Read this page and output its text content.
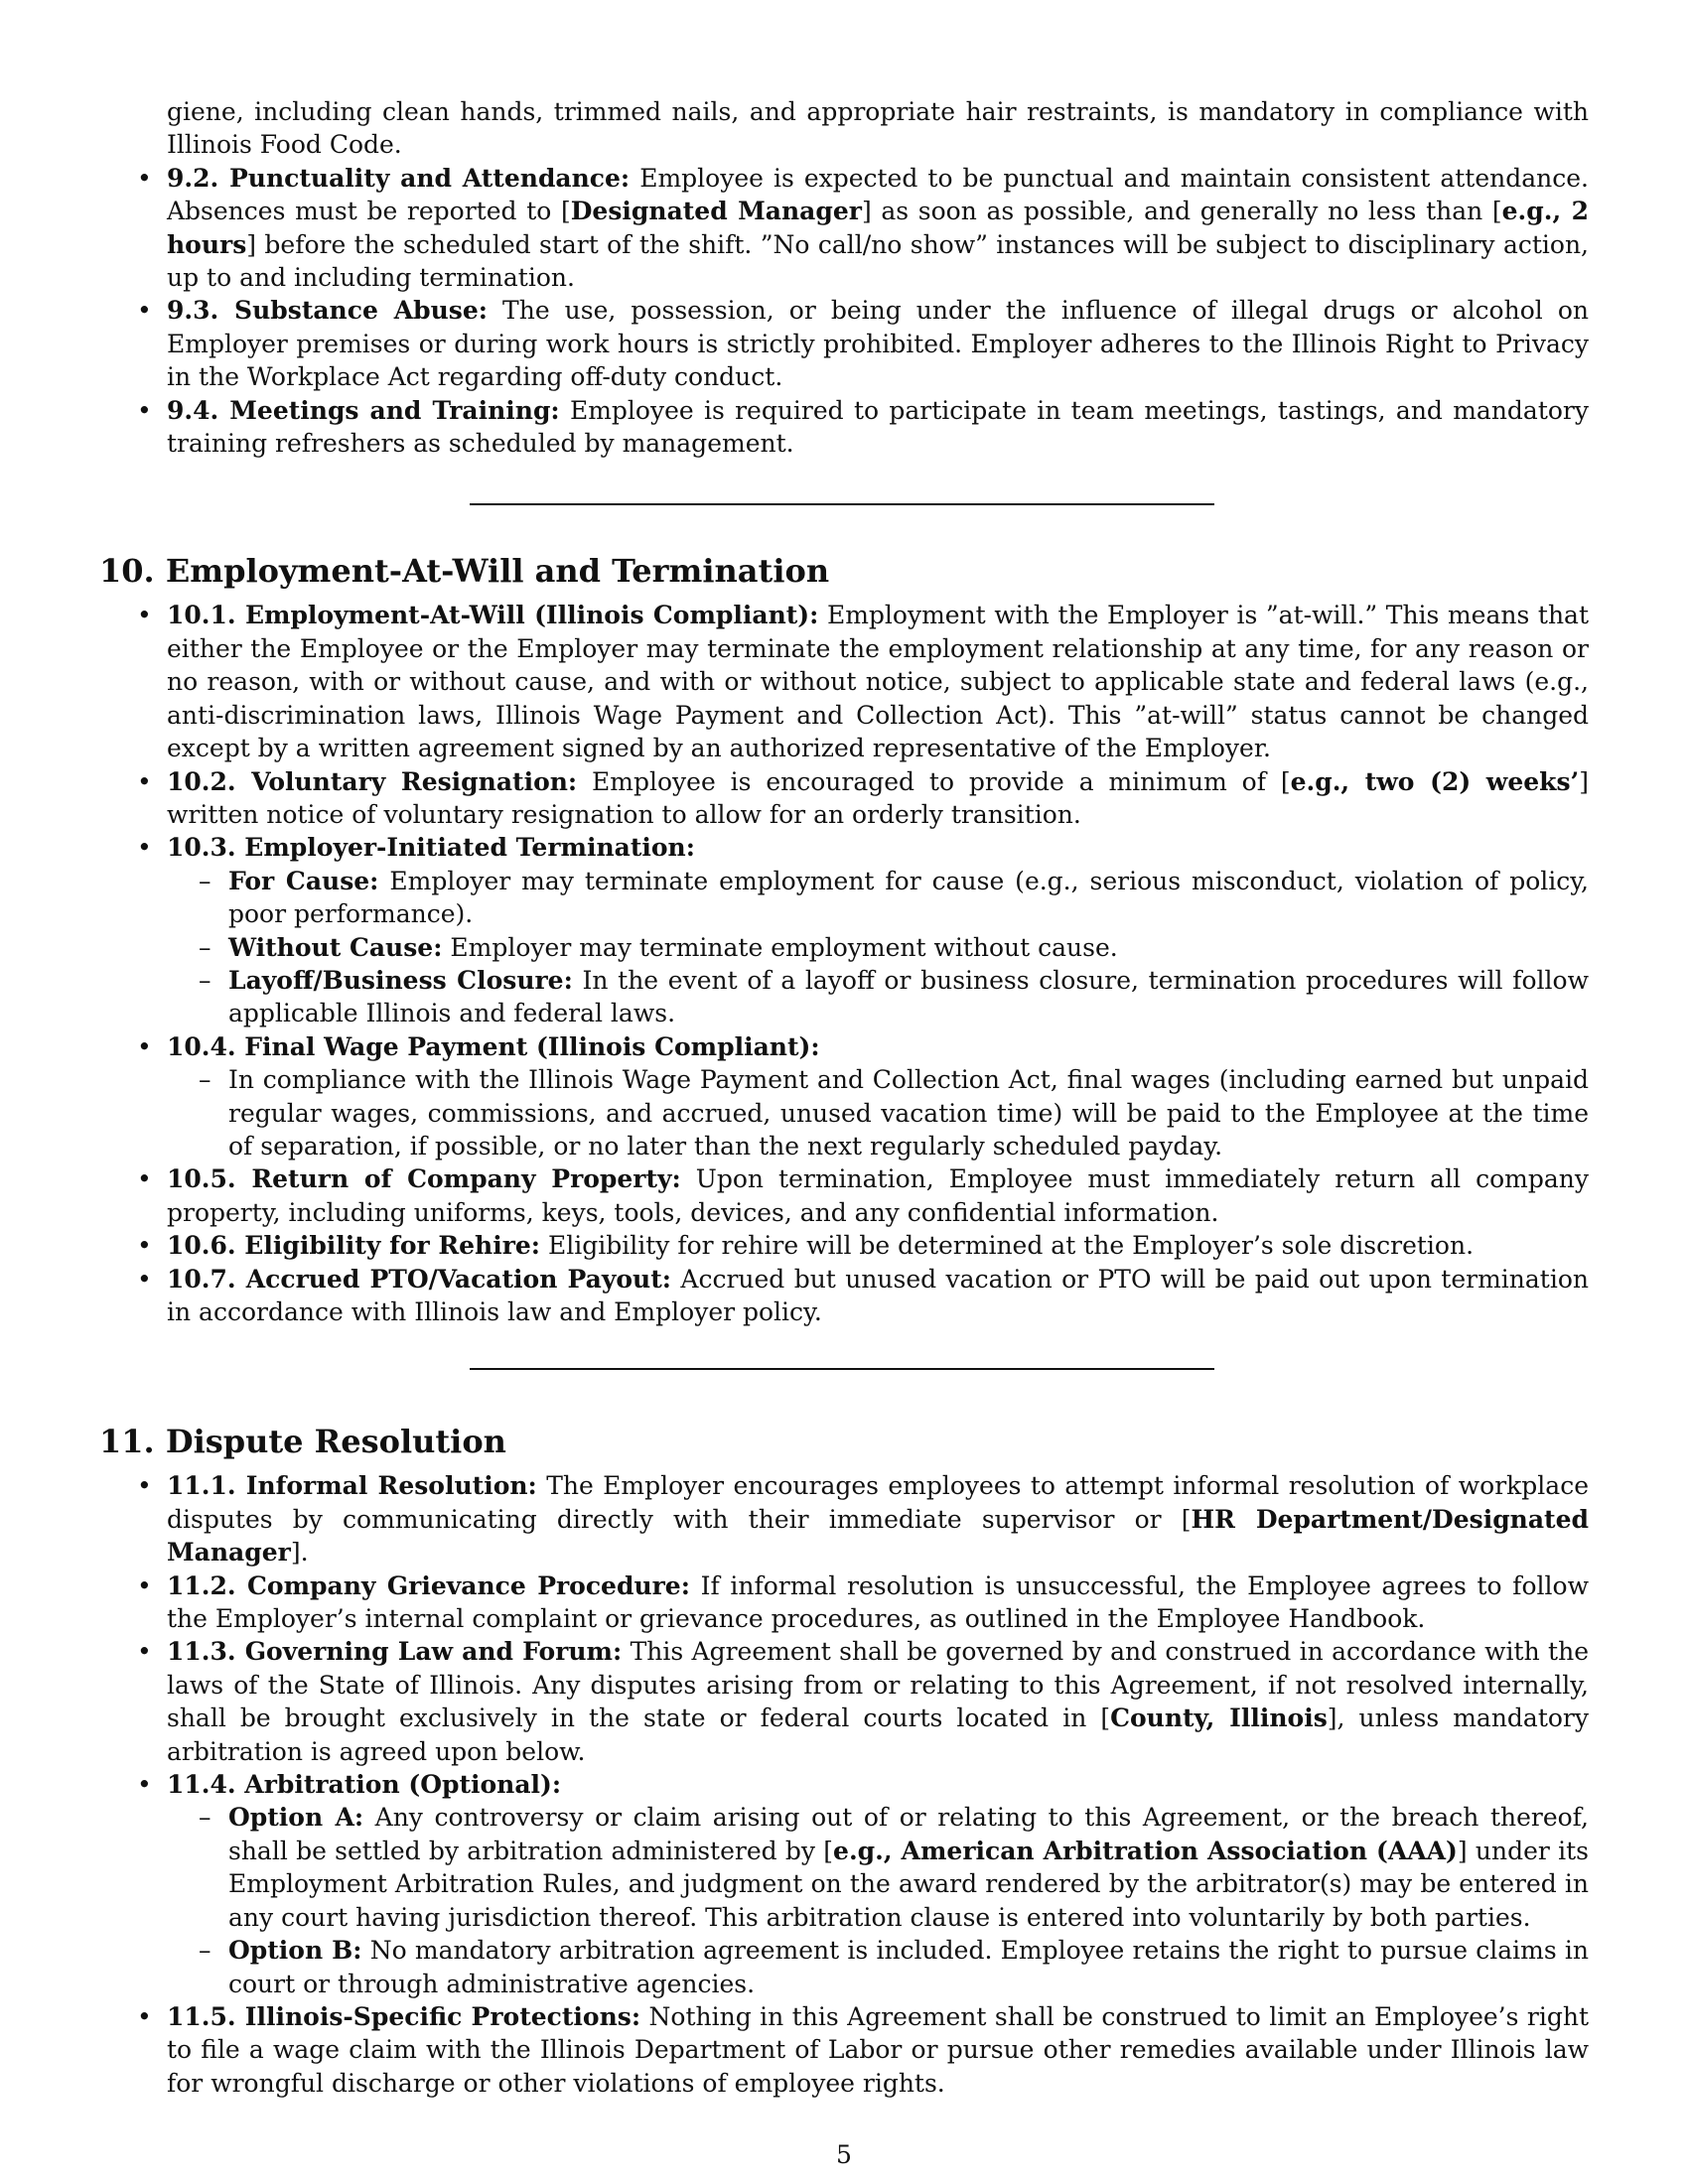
giene, including clean hands, trimmed nails, and appropriate hair restraints, is mandatory in compliance with Illinois Food Code.
• 9.2. Punctuality and Attendance: Employee is expected to be punctual and maintain consistent attendance. Absences must be reported to [Designated Manager] as soon as possible, and generally no less than [e.g., 2 hours] before the scheduled start of the shift. ”No call/no show” instances will be subject to disciplinary action, up to and including termination.
• 9.3. Substance Abuse: The use, possession, or being under the influence of illegal drugs or alcohol on Employer premises or during work hours is strictly prohibited. Employer adheres to the Illinois Right to Privacy in the Workplace Act regarding off-duty conduct.
• 9.4. Meetings and Training: Employee is required to participate in team meetings, tastings, and mandatory training refreshers as scheduled by management.
10. Employment-At-Will and Termination
• 10.1. Employment-At-Will (Illinois Compliant): Employment with the Employer is ”at-will.” This means that either the Employee or the Employer may terminate the employment relationship at any time, for any reason or no reason, with or without cause, and with or without notice, subject to applicable state and federal laws (e.g., anti-discrimination laws, Illinois Wage Payment and Collection Act). This ”at-will” status cannot be changed except by a written agreement signed by an authorized representative of the Employer.
• 10.2. Voluntary Resignation: Employee is encouraged to provide a minimum of [e.g., two (2) weeks’] written notice of voluntary resignation to allow for an orderly transition.
• 10.3. Employer-Initiated Termination:
– For Cause: Employer may terminate employment for cause (e.g., serious misconduct, violation of policy, poor performance).
– Without Cause: Employer may terminate employment without cause.
– Layoff/Business Closure: In the event of a layoff or business closure, termination procedures will follow applicable Illinois and federal laws.
• 10.4. Final Wage Payment (Illinois Compliant):
– In compliance with the Illinois Wage Payment and Collection Act, final wages (including earned but unpaid regular wages, commissions, and accrued, unused vacation time) will be paid to the Employee at the time of separation, if possible, or no later than the next regularly scheduled payday.
• 10.5. Return of Company Property: Upon termination, Employee must immediately return all company property, including uniforms, keys, tools, devices, and any confidential information.
• 10.6. Eligibility for Rehire: Eligibility for rehire will be determined at the Employer’s sole discretion.
• 10.7. Accrued PTO/Vacation Payout: Accrued but unused vacation or PTO will be paid out upon termination in accordance with Illinois law and Employer policy.
11. Dispute Resolution
• 11.1. Informal Resolution: The Employer encourages employees to attempt informal resolution of workplace disputes by communicating directly with their immediate supervisor or [HR Department/Designated Manager].
• 11.2. Company Grievance Procedure: If informal resolution is unsuccessful, the Employee agrees to follow the Employer’s internal complaint or grievance procedures, as outlined in the Employee Handbook.
• 11.3. Governing Law and Forum: This Agreement shall be governed by and construed in accordance with the laws of the State of Illinois. Any disputes arising from or relating to this Agreement, if not resolved internally, shall be brought exclusively in the state or federal courts located in [County, Illinois], unless mandatory arbitration is agreed upon below.
• 11.4. Arbitration (Optional):
– Option A: Any controversy or claim arising out of or relating to this Agreement, or the breach thereof, shall be settled by arbitration administered by [e.g., American Arbitration Association (AAA)] under its Employment Arbitration Rules, and judgment on the award rendered by the arbitrator(s) may be entered in any court having jurisdiction thereof. This arbitration clause is entered into voluntarily by both parties.
– Option B: No mandatory arbitration agreement is included. Employee retains the right to pursue claims in court or through administrative agencies.
• 11.5. Illinois-Specific Protections: Nothing in this Agreement shall be construed to limit an Employee’s right to file a wage claim with the Illinois Department of Labor or pursue other remedies available under Illinois law for wrongful discharge or other violations of employee rights.
5
